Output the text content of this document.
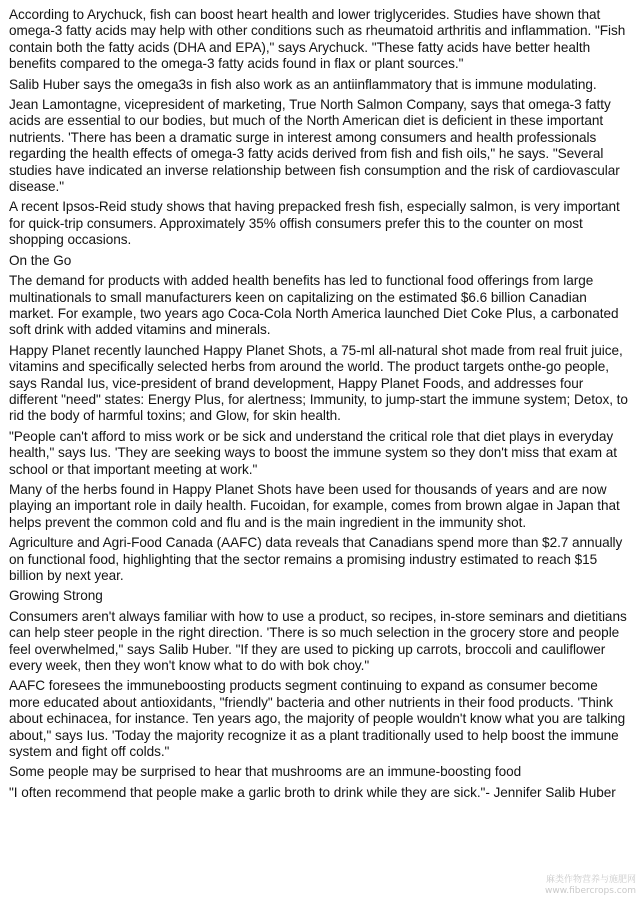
According to Arychuck, fish can boost heart health and lower triglycerides. Studies have shown that omega-3 fatty acids may help with other conditions such as rheumatoid arthritis and inflammation. "Fish contain both the fatty acids (DHA and EPA)," says Arychuck. "These fatty acids have better health benefits compared to the omega-3 fatty acids found in flax or plant sources."

Salib Huber says the omega3s in fish also work as an antiinflammatory that is immune modulating.

Jean Lamontagne, vicepresident of marketing, True North Salmon Company, says that omega-3 fatty acids are essential to our bodies, but much of the North American diet is deficient in these important nutrients. 'There has been a dramatic surge in interest among consumers and health professionals regarding the health effects of omega-3 fatty acids derived from fish and fish oils," he says. "Several studies have indicated an inverse relationship between fish consumption and the risk of cardiovascular disease."

A recent Ipsos-Reid study shows that having prepacked fresh fish, especially salmon, is very important for quick-trip consumers. Approximately 35% offish consumers prefer this to the counter on most shopping occasions.

On the Go

The demand for products with added health benefits has led to functional food offerings from large multinationals to small manufacturers keen on capitalizing on the estimated $6.6 billion Canadian market. For example, two years ago Coca-Cola North America launched Diet Coke Plus, a carbonated soft drink with added vitamins and minerals.

Happy Planet recently launched Happy Planet Shots, a 75-ml all-natural shot made from real fruit juice, vitamins and specifically selected herbs from around the world. The product targets onthe-go people, says Randal Ius, vice-president of brand development, Happy Planet Foods, and addresses four different "need" states: Energy Plus, for alertness; Immunity, to jump-start the immune system; Detox, to rid the body of harmful toxins; and Glow, for skin health.

"People can't afford to miss work or be sick and understand the critical role that diet plays in everyday health," says Ius. 'They are seeking ways to boost the immune system so they don't miss that exam at school or that important meeting at work."

Many of the herbs found in Happy Planet Shots have been used for thousands of years and are now playing an important role in daily health. Fucoidan, for example, comes from brown algae in Japan that helps prevent the common cold and flu and is the main ingredient in the immunity shot.

Agriculture and Agri-Food Canada (AAFC) data reveals that Canadians spend more than $2.7 annually on functional food, highlighting that the sector remains a promising industry estimated to reach $15 billion by next year.

Growing Strong

Consumers aren't always familiar with how to use a product, so recipes, in-store seminars and dietitians can help steer people in the right direction. 'There is so much selection in the grocery store and people feel overwhelmed," says Salib Huber. "If they are used to picking up carrots, broccoli and cauliflower every week, then they won't know what to do with bok choy."

AAFC foresees the immuneboosting products segment continuing to expand as consumer become more educated about antioxidants, "friendly" bacteria and other nutrients in their food products. 'Think about echinacea, for instance. Ten years ago, the majority of people wouldn't know what you are talking about," says Ius. 'Today the majority recognize it as a plant traditionally used to help boost the immune system and fight off colds."

Some people may be surprised to hear that mushrooms are an immune-boosting food

"I often recommend that people make a garlic broth to drink while they are sick."- Jennifer Salib Huber

麻类作物营养与施肥网
www.fibercrops.com
